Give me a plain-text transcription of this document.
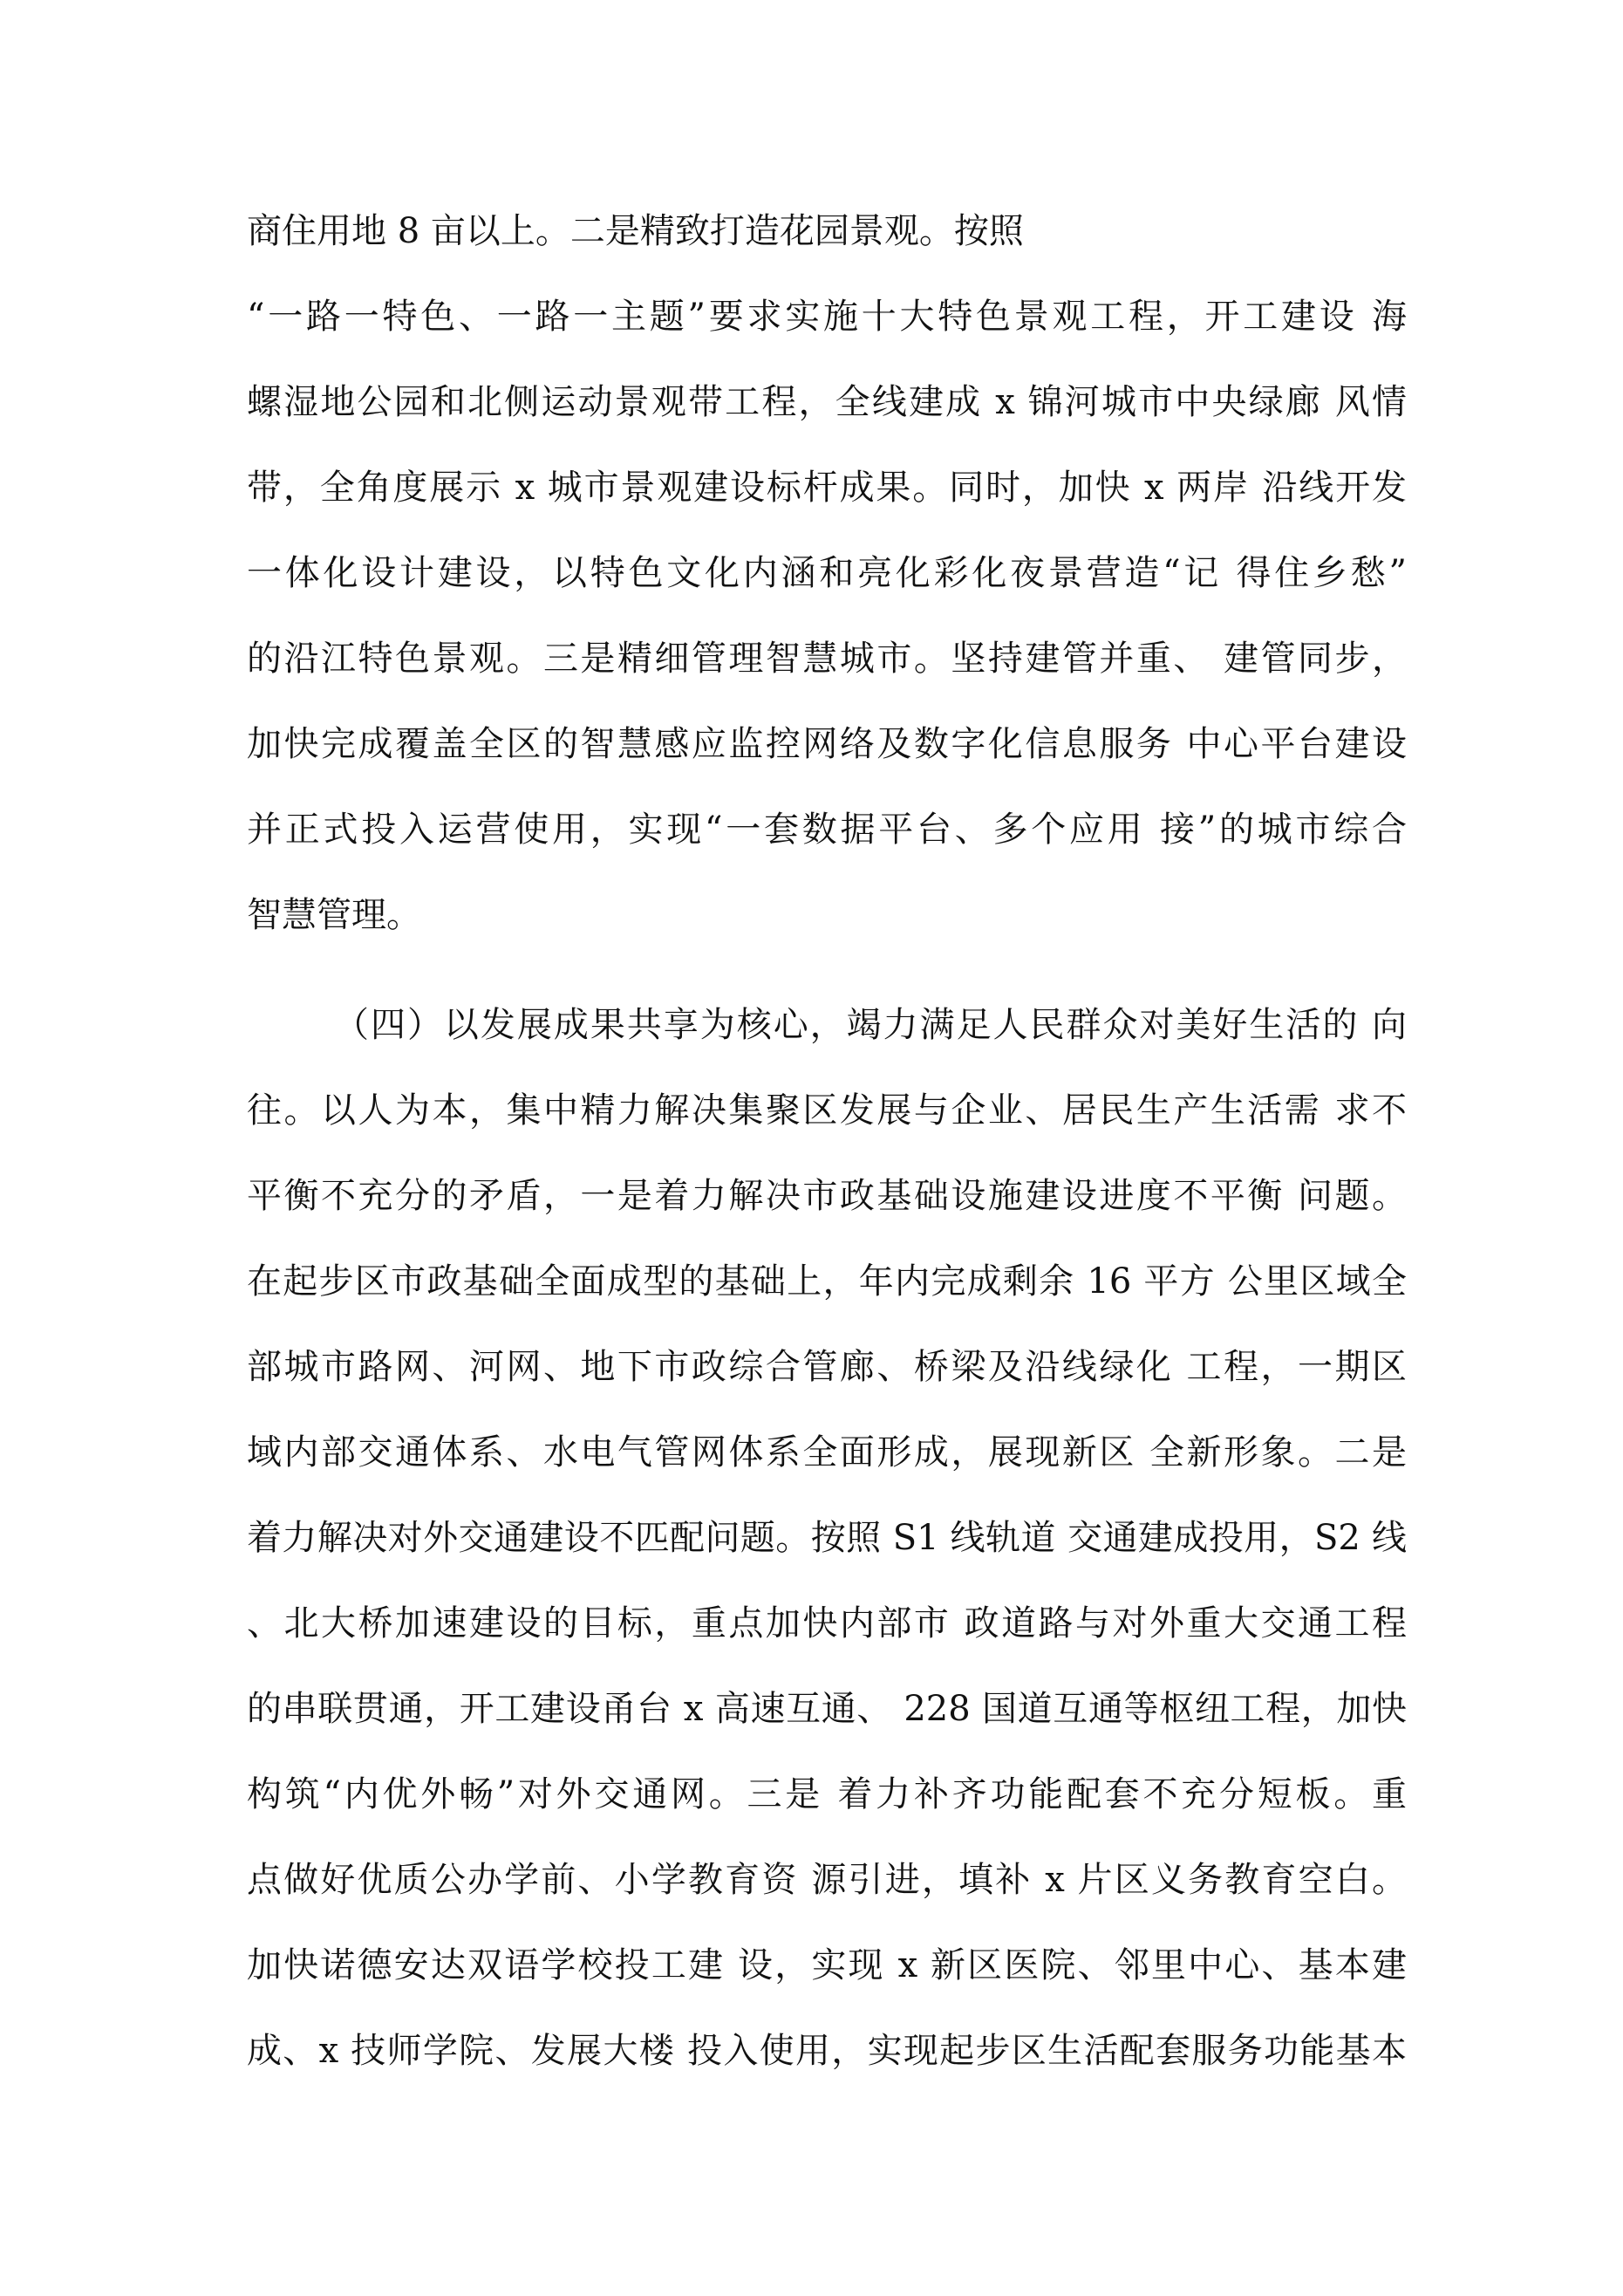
商住用地 8 亩以上。二是精致打造花园景观。按照
“一路一特色、一路一主题”要求实施十大特色景观工程，开工建设 海
螺湿地公园和北侧运动景观带工程，全线建成 x 锦河城市中央绿廊 风情
带，全角度展示 x 城市景观建设标杆成果。同时，加快 x 两岸 沿线开发
一体化设计建设，以特色文化内涵和亮化彩化夜景营造“记 得住乡愁”
的沿江特色景观。三是精细管理智慧城市。坚持建管并重、 建管同步，
加快完成覆盖全区的智慧感应监控网络及数字化信息服务 中心平台建设
并正式投入运营使用，实现“一套数据平台、多个应用 接”的城市综合
智慧管理。
（四）以发展成果共享为核心，竭力满足人民群众对美好生活的 向
往。以人为本，集中精力解决集聚区发展与企业、居民生产生活需 求不
平衡不充分的矛盾，一是着力解决市政基础设施建设进度不平衡 问题。
在起步区市政基础全面成型的基础上，年内完成剩余 16 平方 公里区域全
部城市路网、河网、地下市政综合管廊、桥梁及沿线绿化 工程，一期区
域内部交通体系、水电气管网体系全面形成，展现新区 全新形象。二是
着力解决对外交通建设不匹配问题。按照 S1 线轨道 交通建成投用，S2 线
、北大桥加速建设的目标，重点加快内部市 政道路与对外重大交通工程
的串联贯通，开工建设甬台 x 高速互通、 228 国道互通等枢纽工程，加快
构筑“内优外畅”对外交通网。三是 着力补齐功能配套不充分短板。重
点做好优质公办学前、小学教育资 源引进，填补 x 片区义务教育空白。
加快诺德安达双语学校投工建 设，实现 x 新区医院、邻里中心、基本建
成、x 技师学院、发展大楼 投入使用，实现起步区生活配套服务功能基本
